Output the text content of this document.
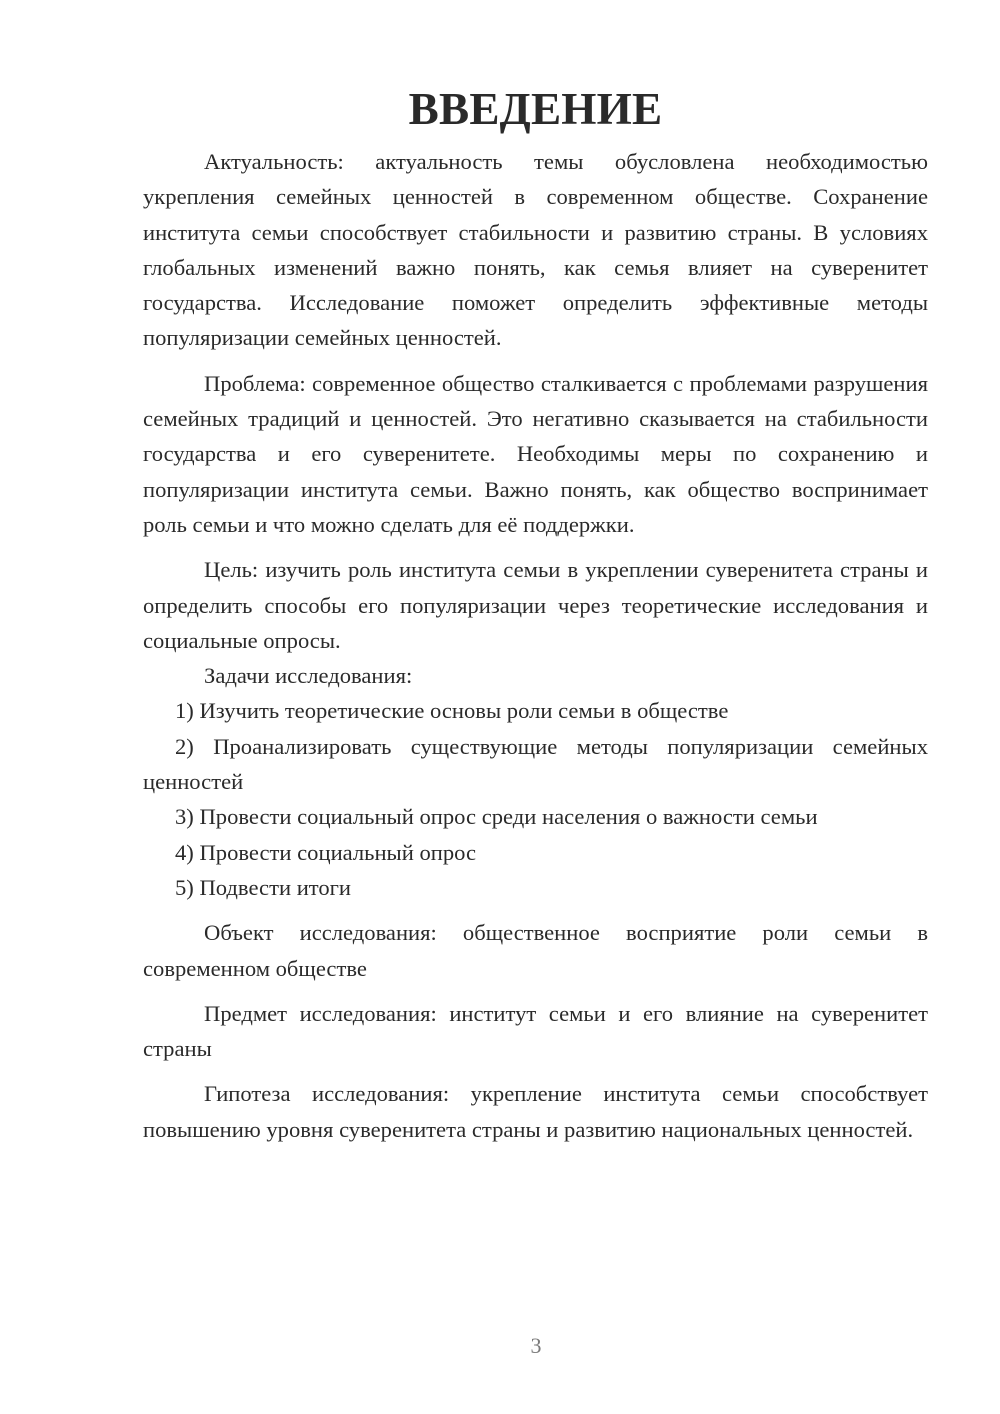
ВВЕДЕНИЕ

Актуальность: актуальность темы обусловлена необходимостью укрепления семейных ценностей в современном обществе. Сохранение института семьи способствует стабильности и развитию страны. В условиях глобальных изменений важно понять, как семья влияет на суверенитет государства. Исследование поможет определить эффективные методы популяризации семейных ценностей.

Проблема: современное общество сталкивается с проблемами разрушения семейных традиций и ценностей. Это негативно сказывается на стабильности государства и его суверенитете. Необходимы меры по сохранению и популяризации института семьи. Важно понять, как общество воспринимает роль семьи и что можно сделать для её поддержки.

Цель: изучить роль института семьи в укреплении суверенитета страны и определить способы его популяризации через теоретические исследования и социальные опросы.

Задачи исследования:

1) Изучить теоретические основы роли семьи в обществе

2) Проанализировать существующие методы популяризации семейных ценностей

3) Провести социальный опрос среди населения о важности семьи

4) Провести социальный опрос

5) Подвести итоги

Объект исследования: общественное восприятие роли семьи в современном обществе

Предмет исследования: институт семьи и его влияние на суверенитет страны

Гипотеза исследования: укрепление института семьи способствует повышению уровня суверенитета страны и развитию национальных ценностей.

3
